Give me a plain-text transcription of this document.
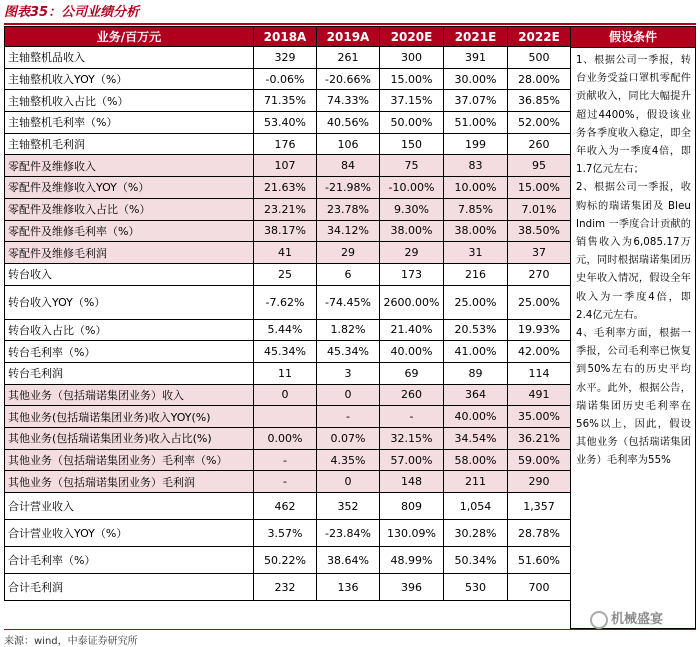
图表35：公司业绩分析
业务/百万元	2018A	2019A	2020E	2021E	2022E
主轴整机品收入	329	261	300	391	500
主轴整机收入YOY（%）	-0.06%	-20.66%	15.00%	30.00%	28.00%
主轴整机收入占比（%）	71.35%	74.33%	37.15%	37.07%	36.85%
主轴整机毛利率（%）	53.40%	40.56%	50.00%	51.00%	52.00%
主轴整机毛利润	176	106	150	199	260
零配件及维修收入	107	84	75	83	95
零配件及维修收入YOY（%）	21.63%	-21.98%	-10.00%	10.00%	15.00%
零配件及维修收入占比（%）	23.21%	23.78%	9.30%	7.85%	7.01%
零配件及维修毛利率（%）	38.17%	34.12%	38.00%	38.00%	38.50%
零配件及维修毛利润	41	29	29	31	37
转台收入	25	6	173	216	270
转台收入YOY（%）	-7.62%	-74.45%	2600.00%	25.00%	25.00%
转台收入占比（%）	5.44%	1.82%	21.40%	20.53%	19.93%
转台毛利率（%）	45.34%	45.34%	40.00%	41.00%	42.00%
转台毛利润	11	3	69	89	114
其他业务（包括瑞诺集团业务）收入	0	0	260	364	491
其他业务(包括瑞诺集团业务)收入YOY(%)		-	-	40.00%	35.00%
其他业务(包括瑞诺集团业务)收入占比(%)	0.00%	0.07%	32.15%	34.54%	36.21%
其他业务（包括瑞诺集团业务）毛利率（%）	-	4.35%	57.00%	58.00%	59.00%
其他业务（包括瑞诺集团业务）毛利润	-	0	148	211	290
合计营业收入	462	352	809	1,054	1,357
合计营业收入YOY（%）	3.57%	-23.84%	130.09%	30.28%	28.78%
合计毛利率（%）	50.22%	38.64%	48.99%	50.34%	51.60%
合计毛利润	232	136	396	530	700
假设条件

1、根据公司一季报，转台业务受益口罩机零配件贡献收入，同比大幅提升超过4400%，假设该业务各季度收入稳定，即全年收入为一季度4倍，即1.7亿元左右；

2、根据公司一季报，收购标的瑞诺集团及 Bleu Indim 一季度合计贡献的销售收入为6,085.17万元，同时根据瑞诺集团历史年收入情况，假设全年收入为一季度4倍，即2.4亿元左右。

4、毛利率方面，根据一季报，公司毛利率已恢复到50%左右的历史平均水平。此外，根据公告，瑞诺集团历史毛利率在56%以上，因此，假设其他业务（包括瑞诺集团业务）毛利率为55%

来源：wind，中泰证券研究所
机械盛宴
